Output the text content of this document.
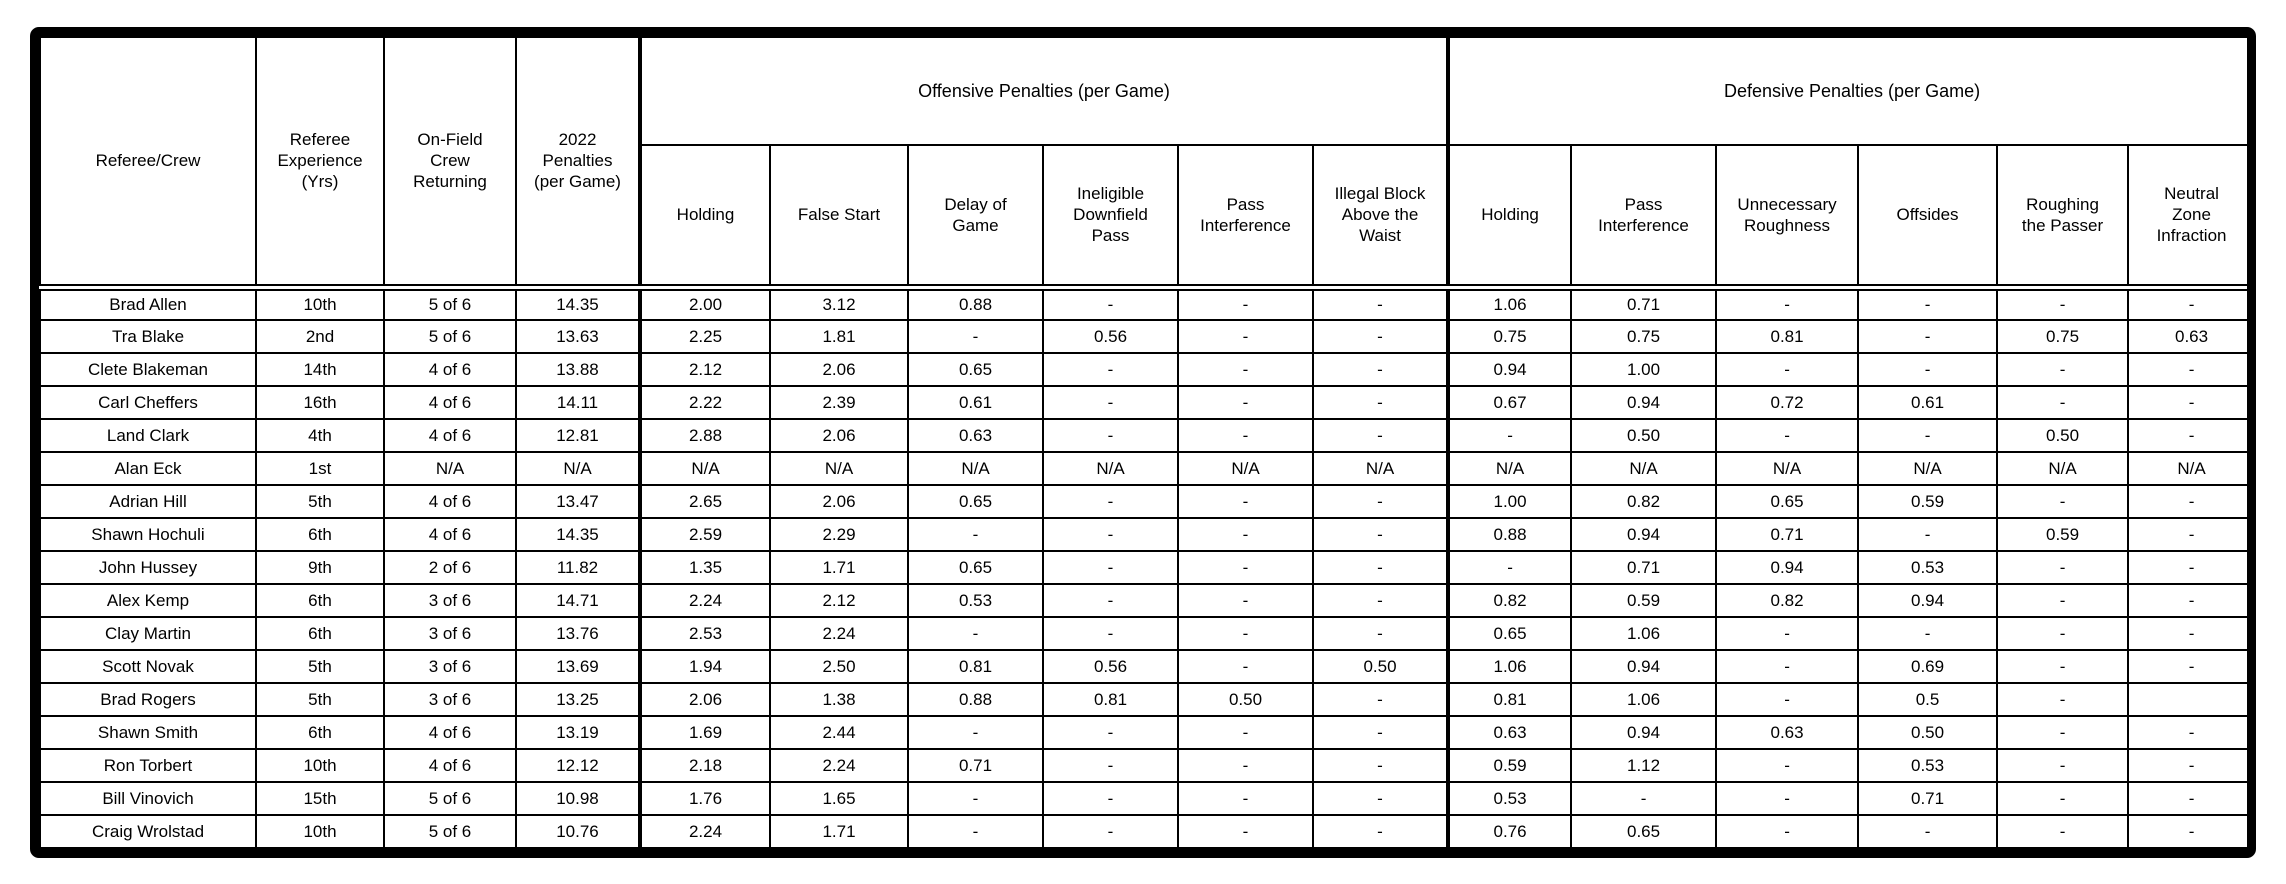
Referee/Crew	Referee Experience (Yrs)	On-Field Crew Returning	2022 Penalties (per Game)	Offensive Penalties (per Game)						Defensive Penalties (per Game)					
				Holding	False Start	Delay of Game	Ineligible Downfield Pass	Pass Interference	Illegal Block Above the Waist	Holding	Pass Interference	Unnecessary Roughness	Offsides	Roughing the Passer	Neutral Zone Infraction
Brad Allen	10th	5 of 6	14.35	2.00	3.12	0.88	-	-	-	1.06	0.71	-	-	-	-
Tra Blake	2nd	5 of 6	13.63	2.25	1.81	-	0.56	-	-	0.75	0.75	0.81	-	0.75	0.63
Clete Blakeman	14th	4 of 6	13.88	2.12	2.06	0.65	-	-	-	0.94	1.00	-	-	-	-
Carl Cheffers	16th	4 of 6	14.11	2.22	2.39	0.61	-	-	-	0.67	0.94	0.72	0.61	-	-
Land Clark	4th	4 of 6	12.81	2.88	2.06	0.63	-	-	-	-	0.50	-	-	0.50	-
Alan Eck	1st	N/A	N/A	N/A	N/A	N/A	N/A	N/A	N/A	N/A	N/A	N/A	N/A	N/A	N/A
Adrian Hill	5th	4 of 6	13.47	2.65	2.06	0.65	-	-	-	1.00	0.82	0.65	0.59	-	-
Shawn Hochuli	6th	4 of 6	14.35	2.59	2.29	-	-	-	-	0.88	0.94	0.71	-	0.59	-
John Hussey	9th	2 of 6	11.82	1.35	1.71	0.65	-	-	-	-	0.71	0.94	0.53	-	-
Alex Kemp	6th	3 of 6	14.71	2.24	2.12	0.53	-	-	-	0.82	0.59	0.82	0.94	-	-
Clay Martin	6th	3 of 6	13.76	2.53	2.24	-	-	-	-	0.65	1.06	-	-	-	-
Scott Novak	5th	3 of 6	13.69	1.94	2.50	0.81	0.56	-	0.50	1.06	0.94	-	0.69	-	-
Brad Rogers	5th	3 of 6	13.25	2.06	1.38	0.88	0.81	0.50	-	0.81	1.06	-	0.5	-	
Shawn Smith	6th	4 of 6	13.19	1.69	2.44	-	-	-	-	0.63	0.94	0.63	0.50	-	-
Ron Torbert	10th	4 of 6	12.12	2.18	2.24	0.71	-	-	-	0.59	1.12	-	0.53	-	-
Bill Vinovich	15th	5 of 6	10.98	1.76	1.65	-	-	-	-	0.53	-	-	0.71	-	-
Craig Wrolstad	10th	5 of 6	10.76	2.24	1.71	-	-	-	-	0.76	0.65	-	-	-	-
